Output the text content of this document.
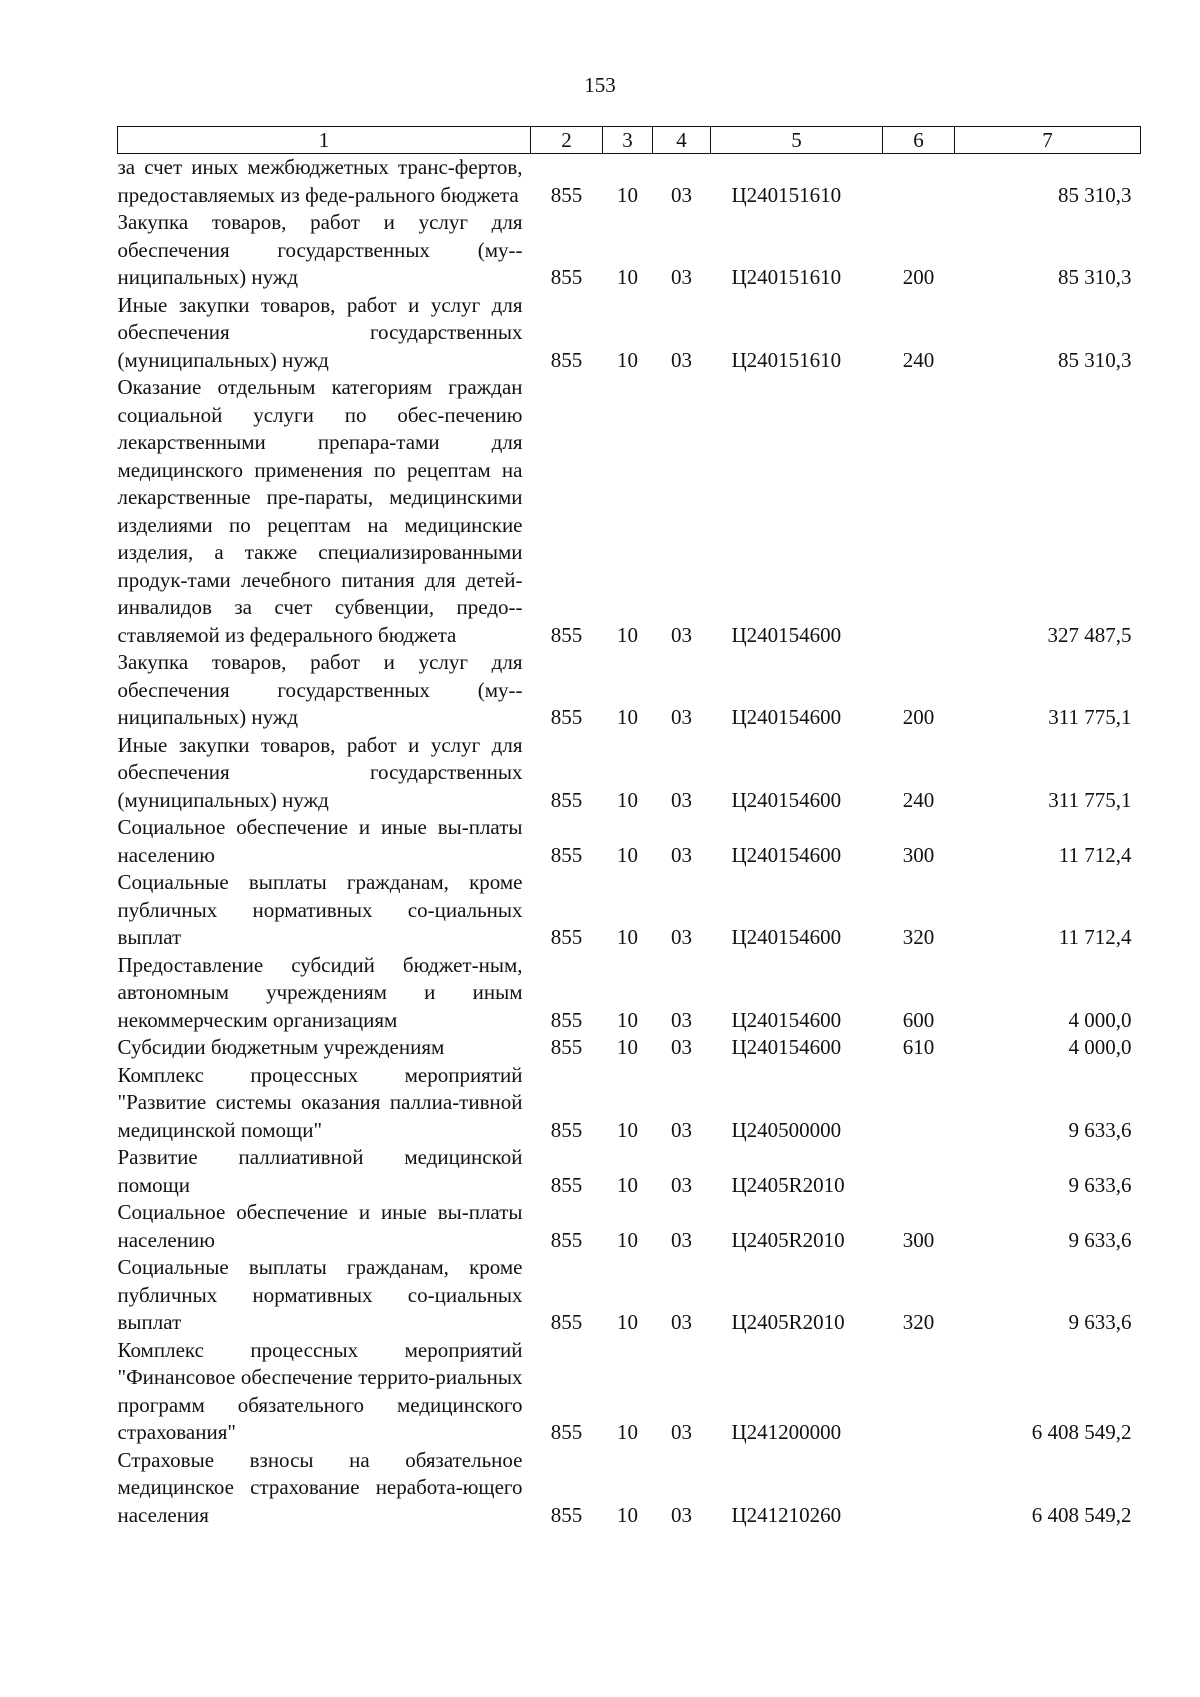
153
1	2	3	4	5	6	7
за счет иных межбюджетных транс-фертов, предоставляемых из феде-рального бюджета	855	10	03	Ц240151610		85 310,3
Закупка товаров, работ и услуг для обеспечения государственных (му-ниципальных) нужд	855	10	03	Ц240151610	200	85 310,3
Иные закупки товаров, работ и услуг для обеспечения государственных (муниципальных) нужд	855	10	03	Ц240151610	240	85 310,3
Оказание отдельным категориям граждан социальной услуги по обес-печению лекарственными препара-тами для медицинского применения по рецептам на лекарственные пре-параты, медицинскими изделиями по рецептам на медицинские изделия, а также специализированными продук-тами лечебного питания для детей-инвалидов за счет субвенции, предо-ставляемой из федерального бюджета	855	10	03	Ц240154600		327 487,5
Закупка товаров, работ и услуг для обеспечения государственных (му-ниципальных) нужд	855	10	03	Ц240154600	200	311 775,1
Иные закупки товаров, работ и услуг для обеспечения государственных (муниципальных) нужд	855	10	03	Ц240154600	240	311 775,1
Социальное обеспечение и иные вы-платы населению	855	10	03	Ц240154600	300	11 712,4
Социальные выплаты гражданам, кроме публичных нормативных со-циальных выплат	855	10	03	Ц240154600	320	11 712,4
Предоставление субсидий бюджет-ным, автономным учреждениям и иным некоммерческим организациям	855	10	03	Ц240154600	600	4 000,0
Субсидии бюджетным учреждениям	855	10	03	Ц240154600	610	4 000,0
Комплекс процессных мероприятий "Развитие системы оказания паллиа-тивной медицинской помощи"	855	10	03	Ц240500000		9 633,6
Развитие паллиативной медицинской помощи	855	10	03	Ц2405R2010		9 633,6
Социальное обеспечение и иные вы-платы населению	855	10	03	Ц2405R2010	300	9 633,6
Социальные выплаты гражданам, кроме публичных нормативных со-циальных выплат	855	10	03	Ц2405R2010	320	9 633,6
Комплекс процессных мероприятий "Финансовое обеспечение террито-риальных программ обязательного медицинского страхования"	855	10	03	Ц241200000		6 408 549,2
Страховые взносы на обязательное медицинское страхование неработа-ющего населения	855	10	03	Ц241210260		6 408 549,2
